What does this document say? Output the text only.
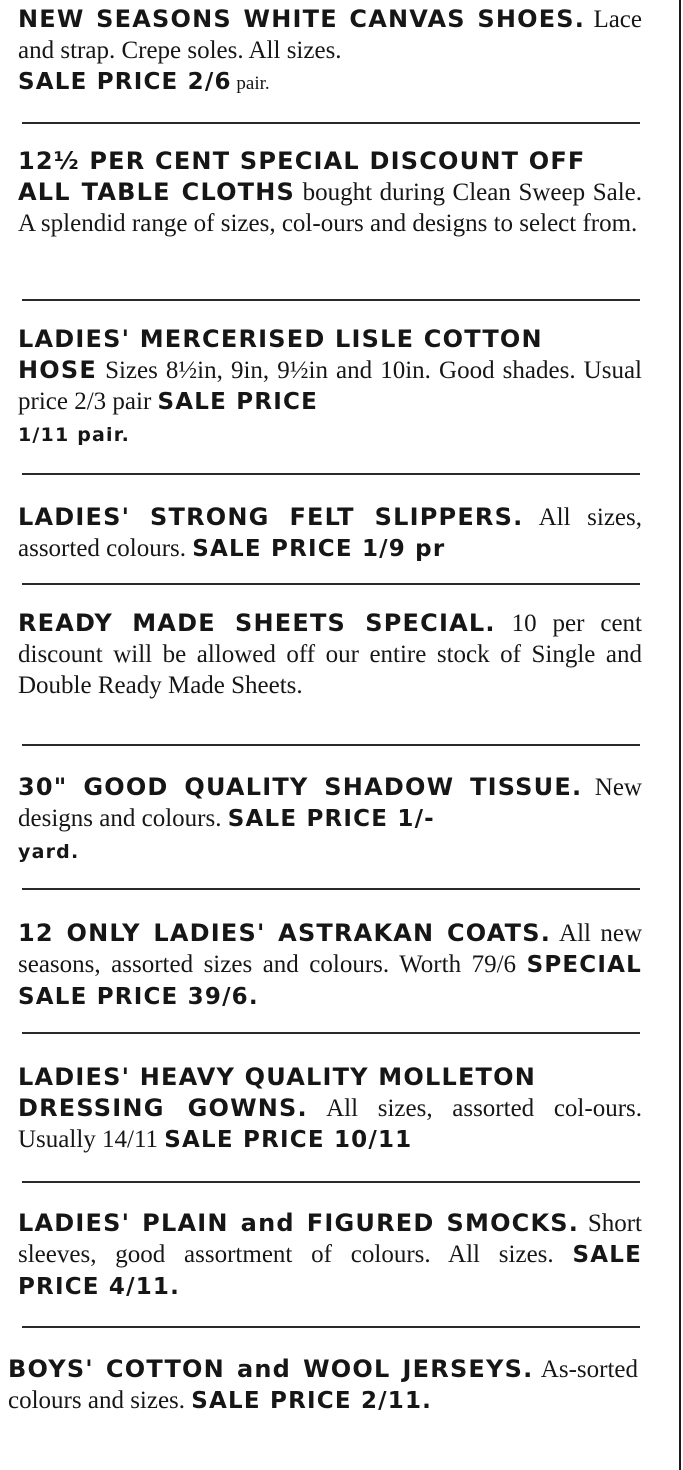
NEW SEASONS WHITE CANVAS SHOES. Lace and strap. Crepe soles. All sizes.
SALE PRICE 2/6 pair.
12½ PER CENT SPECIAL DISCOUNT OFF
ALL TABLE CLOTHS bought during Clean Sweep Sale. A splendid range of sizes, col-ours and designs to select from.
LADIES' MERCERISED LISLE COTTON
HOSE Sizes 8½in, 9in, 9½in and 10in. Good shades. Usual price 2/3 pair SALE PRICE
1/11 pair.
LADIES' STRONG FELT SLIPPERS. All sizes, assorted colours. SALE PRICE 1/9 pr
READY MADE SHEETS SPECIAL. 10 per cent discount will be allowed off our entire stock of Single and Double Ready Made Sheets.
30" GOOD QUALITY SHADOW TISSUE. New designs and colours. SALE PRICE 1/-
yard.
12 ONLY LADIES' ASTRAKAN COATS. All new seasons, assorted sizes and colours. Worth 79/6 SPECIAL SALE PRICE 39/6.
LADIES' HEAVY QUALITY MOLLETON
DRESSING GOWNS. All sizes, assorted col-ours. Usually 14/11 SALE PRICE 10/11
LADIES' PLAIN and FIGURED SMOCKS. Short sleeves, good assortment of colours. All sizes. SALE PRICE 4/11.
BOYS' COTTON and WOOL JERSEYS. As-sorted colours and sizes. SALE PRICE 2/11.
